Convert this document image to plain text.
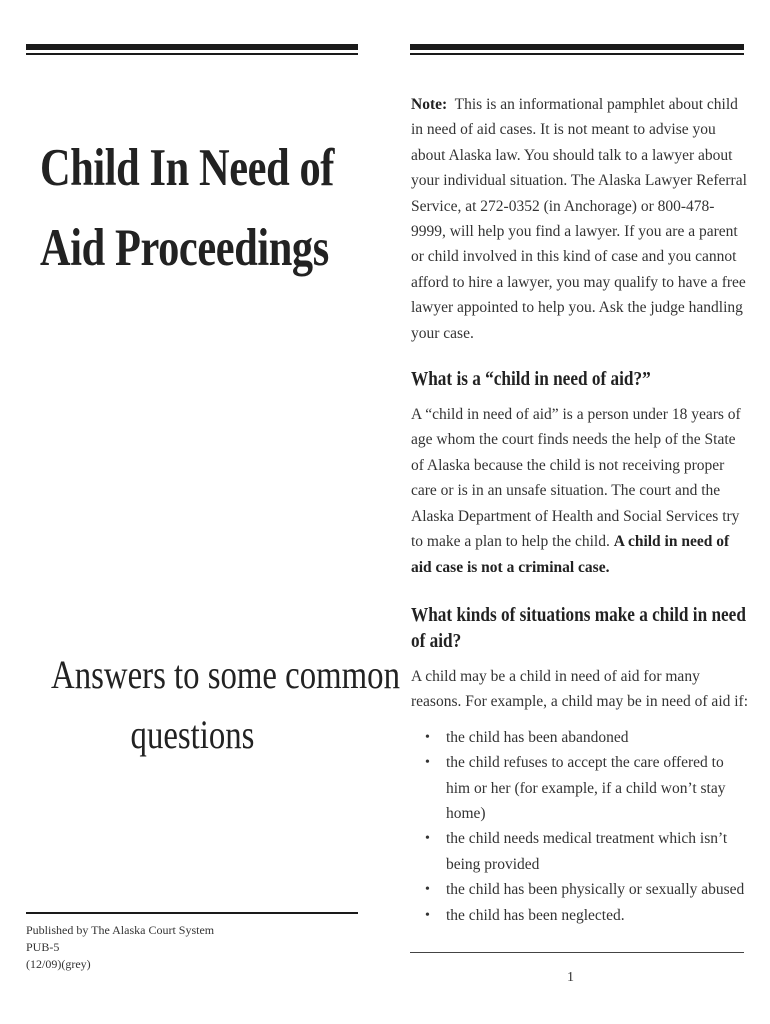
Child In Need of
Aid Proceedings
Answers to some common
questions
Published by The Alaska Court System
PUB-5
(12/09)(grey)

Note: This is an informational pamphlet about child in need of aid cases. It is not meant to advise you about Alaska law. You should talk to a lawyer about your individual situation. The Alaska Lawyer Referral Service, at 272-0352 (in Anchorage) or 800-478-9999, will help you find a lawyer. If you are a parent or child involved in this kind of case and you cannot afford to hire a lawyer, you may qualify to have a free lawyer appointed to help you. Ask the judge handling your case.

What is a “child in need of aid?”

A “child in need of aid” is a person under 18 years of age whom the court finds needs the help of the State of Alaska because the child is not receiving proper care or is in an unsafe situation. The court and the Alaska Department of Health and Social Services try to make a plan to help the child. A child in need of aid case is not a criminal case.

What kinds of situations make a child in need of aid?

A child may be a child in need of aid for many reasons. For example, a child may be in need of aid if:

• the child has been abandoned
• the child refuses to accept the care offered to him or her (for example, if a child won’t stay home)
• the child needs medical treatment which isn’t being provided
• the child has been physically or sexually abused
• the child has been neglected.
1
